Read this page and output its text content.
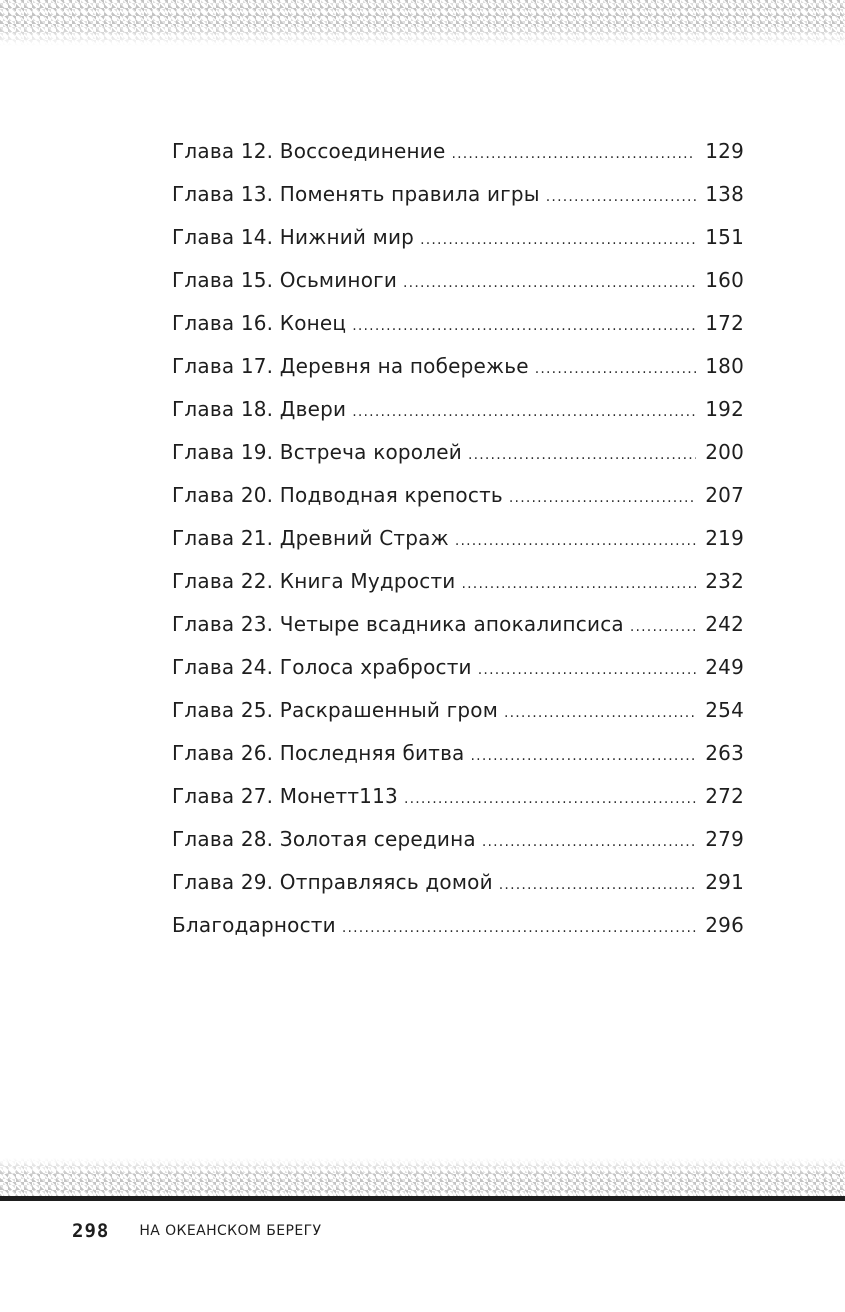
Глава 12. Воссоединение .....	129
Глава 13. Поменять правила игры .....	138
Глава 14. Нижний мир .....	151
Глава 15. Осьминоги .....	160
Глава 16. Конец .....	172
Глава 17. Деревня на побережье .....	180
Глава 18. Двери .....	192
Глава 19. Встреча королей .....	200
Глава 20. Подводная крепость .....	207
Глава 21. Древний Страж .....	219
Глава 22. Книга Мудрости .....	232
Глава 23. Четыре всадника апокалипсиса .....	242
Глава 24. Голоса храбрости .....	249
Глава 25. Раскрашенный гром .....	254
Глава 26. Последняя битва .....	263
Глава 27. Монетт113 .....	272
Глава 28. Золотая середина .....	279
Глава 29. Отправляясь домой .....	291
Благодарности .....	296
298 НА ОКЕАНСКОМ БЕРЕГУ
